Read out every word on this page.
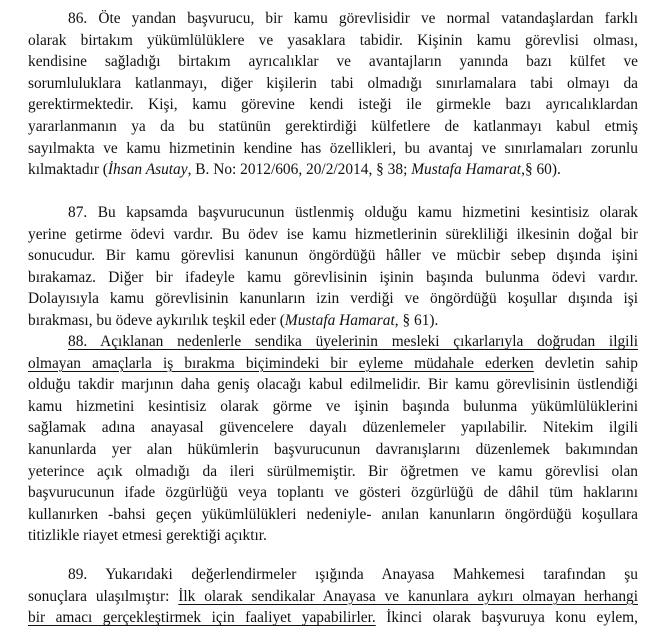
86. Öte yandan başvurucu, bir kamu görevlisidir ve normal vatandaşlardan farklı
olarak birtakım yükümlülüklere ve yasaklara tabidir. Kişinin kamu görevlisi olması,
kendisine sağladığı birtakım ayrıcalıklar ve avantajların yanında bazı külfet ve
sorumluluklara katlanmayı, diğer kişilerin tabi olmadığı sınırlamalara tabi olmayı da
gerektirmektedir. Kişi, kamu görevine kendi isteği ile girmekle bazı ayrıcalıklardan
yararlanmanın ya da bu statünün gerektirdiği külfetlere de katlanmayı kabul etmiş
sayılmakta ve kamu hizmetinin kendine has özellikleri, bu avantaj ve sınırlamaları zorunlu
kılmaktadır (İhsan Asutay, B. No: 2012/606, 20/2/2014, § 38; Mustafa Hamarat,§ 60).
87. Bu kapsamda başvurucunun üstlenmiş olduğu kamu hizmetini kesintisiz olarak
yerine getirme ödevi vardır. Bu ödev ise kamu hizmetlerinin sürekliliği ilkesinin doğal bir
sonucudur. Bir kamu görevlisi kanunun öngördüğü hâller ve mücbir sebep dışında işini
bırakamaz. Diğer bir ifadeyle kamu görevlisinin işinin başında bulunma ödevi vardır.
Dolayısıyla kamu görevlisinin kanunların izin verdiği ve öngördüğü koşullar dışında işi
bırakması, bu ödeve aykırılık teşkil eder (Mustafa Hamarat, § 61).
88. Açıklanan nedenlerle sendika üyelerinin mesleki çıkarlarıyla doğrudan ilgili
olmayan amaçlarla iş bırakma biçimindeki bir eyleme müdahale ederken devletin sahip
olduğu takdir marjının daha geniş olacağı kabul edilmelidir. Bir kamu görevlisinin üstlendiği
kamu hizmetini kesintisiz olarak görme ve işinin başında bulunma yükümlülüklerini
sağlamak adına anayasal güvencelere dayalı düzenlemeler yapılabilir. Nitekim ilgili
kanunlarda yer alan hükümlerin başvurucunun davranışlarını düzenlemek bakımından
yeterince açık olmadığı da ileri sürülmemiştir. Bir öğretmen ve kamu görevlisi olan
başvurucunun ifade özgürlüğü veya toplantı ve gösteri özgürlüğü de dâhil tüm haklarını
kullanırken -bahsi geçen yükümlülükleri nedeniyle- anılan kanunların öngördüğü koşullara
titizlikle riayet etmesi gerektiği açıktır.
89. Yukarıdaki değerlendirmeler ışığında Anayasa Mahkemesi tarafından şu
sonuçlara ulaşılmıştır: İlk olarak sendikalar Anayasa ve kanunlara aykırı olmayan herhangi
bir amacı gerçekleştirmek için faaliyet yapabilirler. İkinci olarak başvuruya konu eylem,
